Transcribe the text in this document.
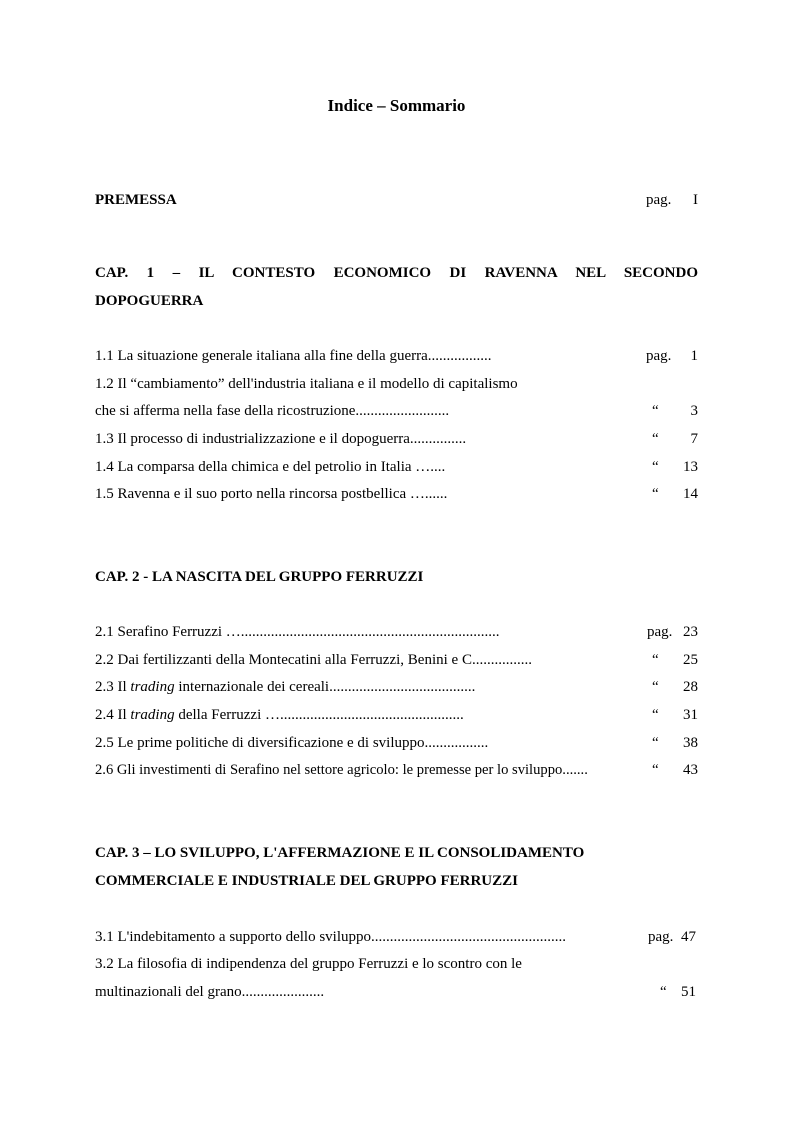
Indice – Sommario
PREMESSA	pag. I
CAP. 1 – IL CONTESTO ECONOMICO DI RAVENNA NEL SECONDO
DOPOGUERRA
1.1 La situazione generale italiana alla fine della guerra.................	pag. 1
1.2 Il “cambiamento” dell'industria italiana e il modello di capitalismo
che si afferma nella fase della ricostruzione.........................	“ 3
1.3 Il processo di industrializzazione e il dopoguerra...............	“ 7
1.4 La comparsa della chimica e del petrolio in Italia …....	“ 13
1.5 Ravenna e il suo porto nella rincorsa postbellica …......	“ 14
CAP. 2 - LA NASCITA DEL GRUPPO FERRUZZI
2.1 Serafino Ferruzzi ….....................................................................	pag. 23
2.2 Dai fertilizzanti della Montecatini alla Ferruzzi, Benini e C................	“ 25
2.3 Il trading internazionale dei cereali.......................................	“ 28
2.4 Il trading della Ferruzzi ….................................................	“ 31
2.5 Le prime politiche di diversificazione e di sviluppo.................	“ 38
2.6 Gli investimenti di Serafino nel settore agricolo: le premesse per lo sviluppo.......	“ 43
CAP. 3 – LO SVILUPPO, L'AFFERMAZIONE E IL CONSOLIDAMENTO
COMMERCIALE E INDUSTRIALE DEL GRUPPO FERRUZZI
3.1 L'indebitamento a supporto dello sviluppo....................................................	pag. 47
3.2 La filosofia di indipendenza del gruppo Ferruzzi e lo scontro con le
multinazionali del grano......................	“ 51
